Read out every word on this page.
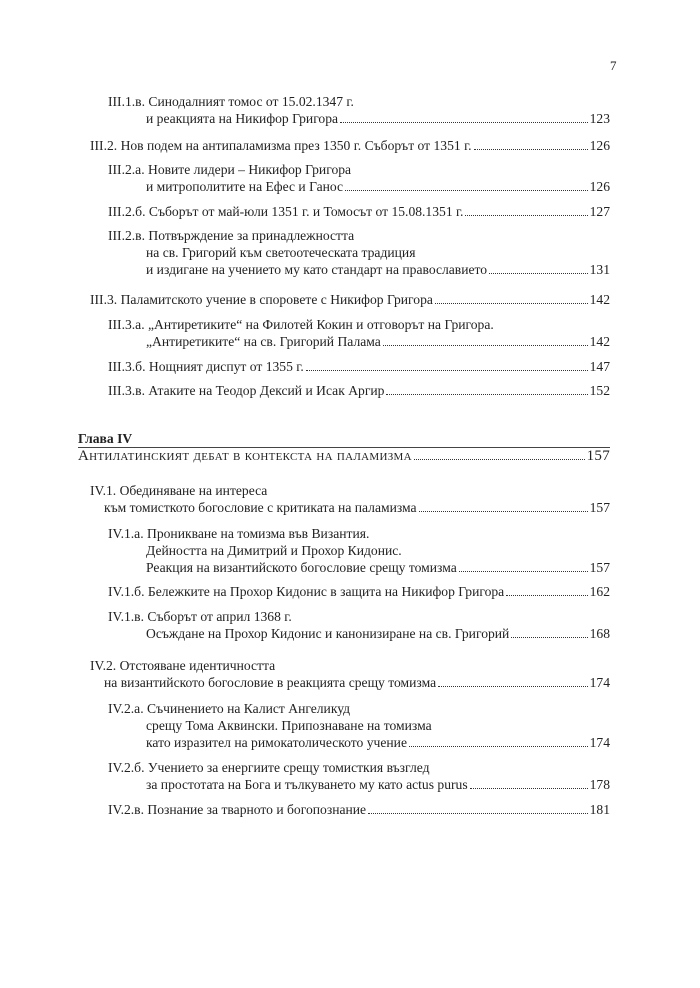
7
III.1.в. Синодалният томос от 15.02.1347 г.
и реакцията на Никифор Григора	123
III.2. Нов подем на антипаламизма през 1350 г. Съборът от 1351 г.	126
III.2.а. Новите лидери – Никифор Григора
и митрополитите на Ефес и Ганос	126
III.2.б. Съборът от май-юли 1351 г. и Томосът от 15.08.1351 г.	127
III.2.в. Потвърждение за принадлежността
на св. Григорий към светоотеческата традиция
и издигане на учението му като стандарт на православието	131
III.3. Паламитското учение в споровете с Никифор Григора	142
III.3.а. „Антиретиките“ на Филотей Кокин и отговорът на Григора.
„Антиретиките“ на св. Григорий Палама	142
III.3.б. Нощният диспут от 1355 г.	147
III.3.в. Атаките на Теодор Дексий и Исак Аргир	152
Глава IV
Антилатинският дебат в контекста на паламизма	157
IV.1. Обединяване на интереса
към томисткото богословие с критиката на паламизма	157
IV.1.а. Проникване на томизма във Византия.
Дейността на Димитрий и Прохор Кидонис.
Реакция на византийското богословие срещу томизма	157
IV.1.б. Бележките на Прохор Кидонис в защита на Никифор Григора	162
IV.1.в. Съборът от април 1368 г.
Осъждане на Прохор Кидонис и канонизиране на св. Григорий	168
IV.2. Отстояване идентичността
на византийското богословие в реакцията срещу томизма	174
IV.2.а. Съчинението на Калист Ангеликуд
срещу Тома Аквински. Припознаване на томизма
като изразител на римокатолическото учение	174
IV.2.б. Учението за енергиите срещу томисткия възглед
за простотата на Бога и тълкуването му като actus purus	178
IV.2.в. Познание за тварното и богопознание	181
